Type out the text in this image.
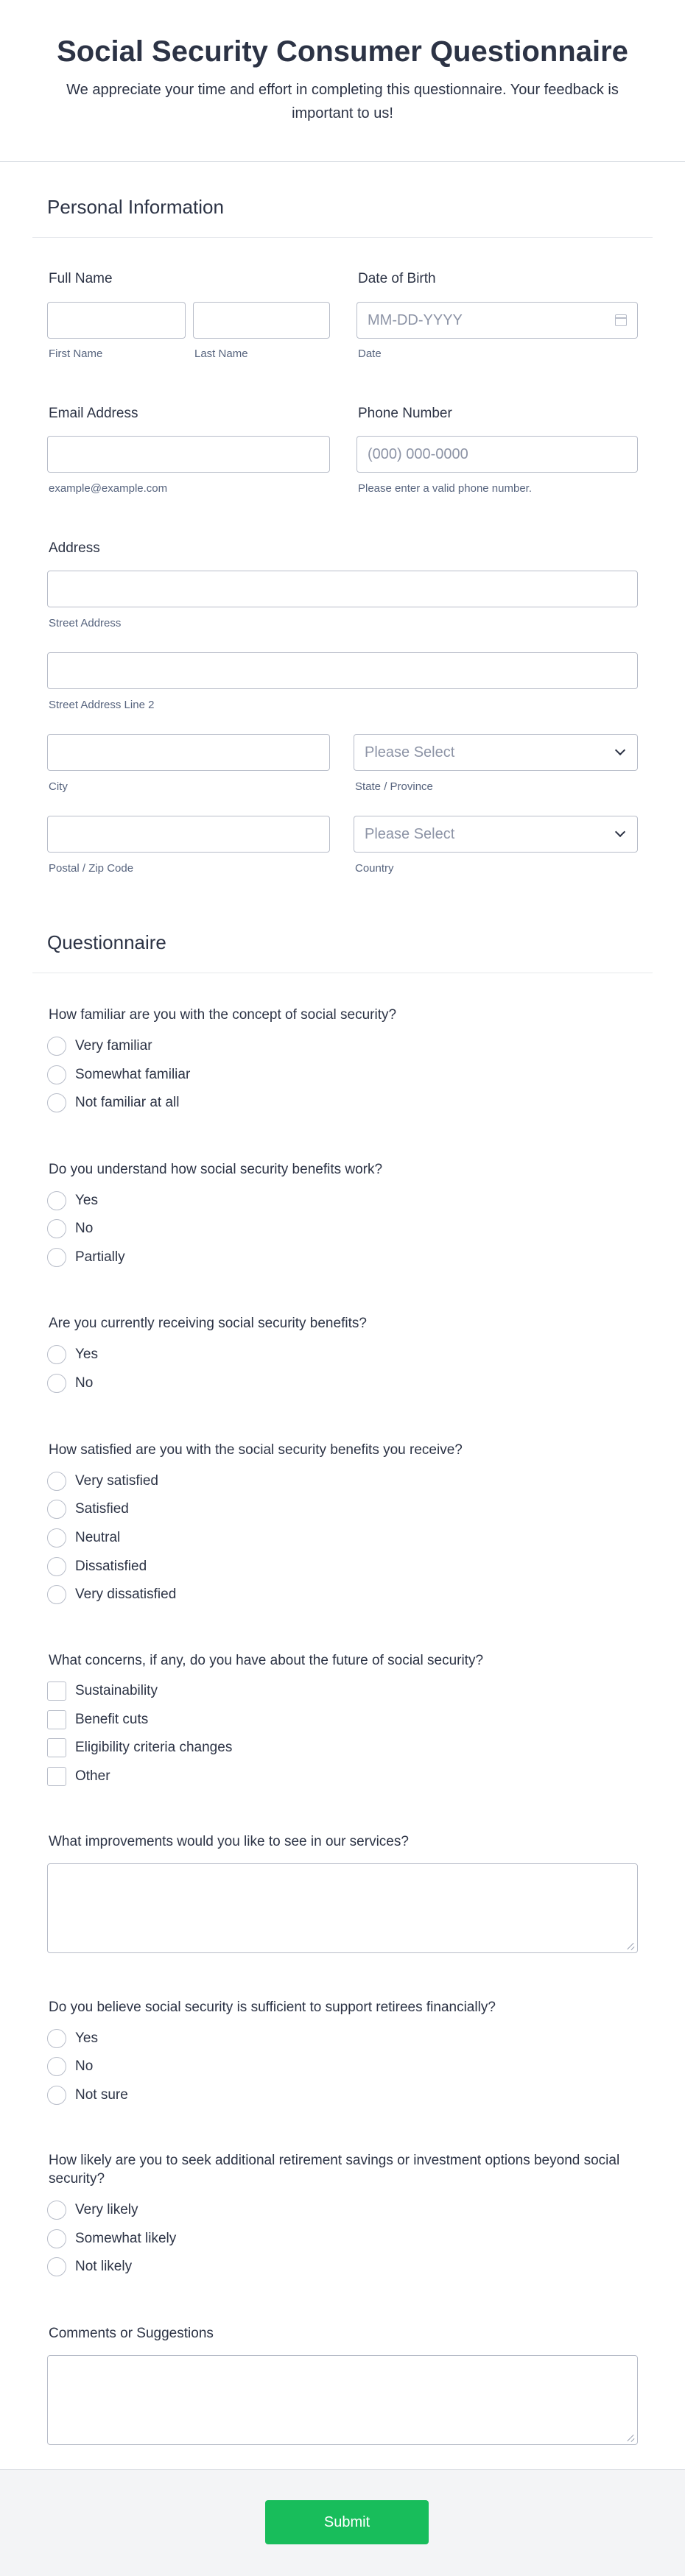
Social Security Consumer Questionnaire
We appreciate your time and effort in completing this questionnaire. Your feedback is important to us!
Personal Information
Full Name
First Name	Last Name
Date of Birth
MM-DD-YYYY
Date
Email Address
example@example.com
Phone Number
(000) 000-0000
Please enter a valid phone number.
Address
Street Address
Street Address Line 2
City
Please Select
State / Province
Postal / Zip Code
Please Select
Country
Questionnaire
How familiar are you with the concept of social security?
Very familiar
Somewhat familiar
Not familiar at all
Do you understand how social security benefits work?
Yes
No
Partially
Are you currently receiving social security benefits?
Yes
No
How satisfied are you with the social security benefits you receive?
Very satisfied
Satisfied
Neutral
Dissatisfied
Very dissatisfied
What concerns, if any, do you have about the future of social security?
Sustainability
Benefit cuts
Eligibility criteria changes
Other
What improvements would you like to see in our services?
Do you believe social security is sufficient to support retirees financially?
Yes
No
Not sure
How likely are you to seek additional retirement savings or investment options beyond social security?
Very likely
Somewhat likely
Not likely
Comments or Suggestions
Submit
